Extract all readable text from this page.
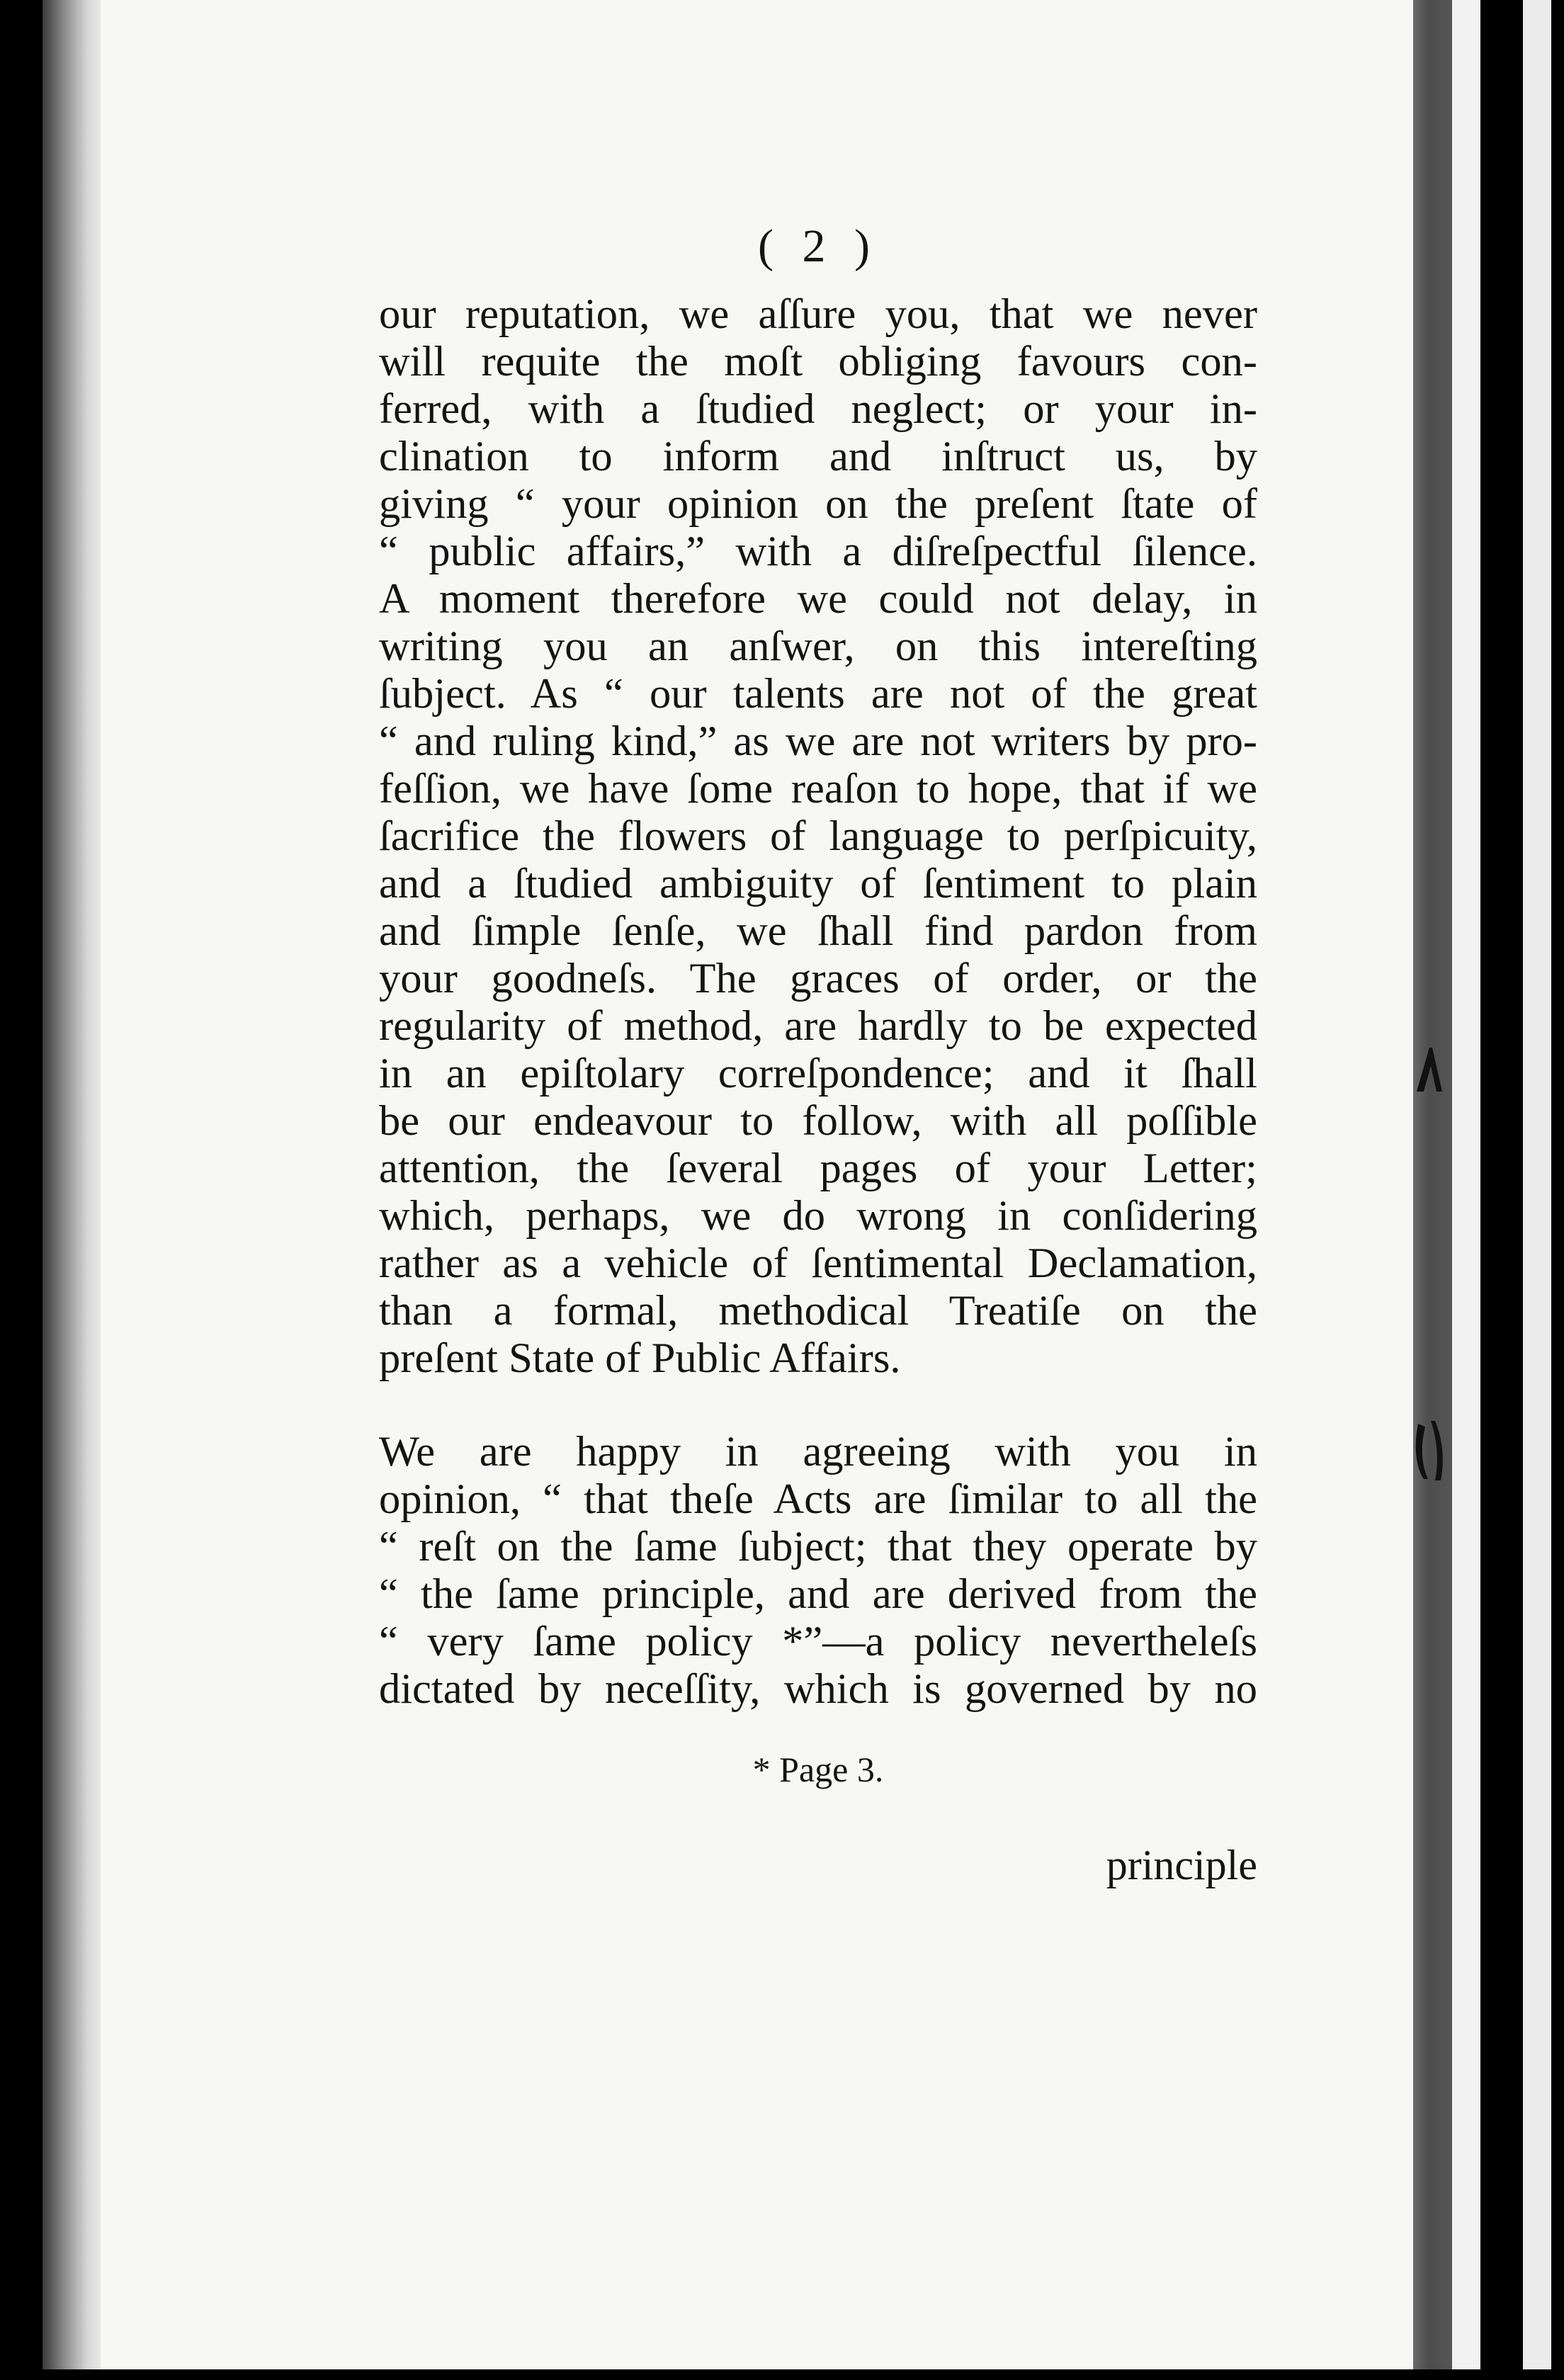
( 2 )

our reputation, we aſſure you, that we never
will requite the moſt obliging favours con-
ferred, with a ſtudied neglect; or your in-
clination to inform and inſtruct us, by
giving “ your opinion on the preſent ſtate of
“ public affairs,” with a diſreſpectful ſilence.
A moment therefore we could not delay, in
writing you an anſwer, on this intereſting
ſubject. As “ our talents are not of the great
“ and ruling kind,” as we are not writers by pro-
feſſion, we have ſome reaſon to hope, that if we
ſacrifice the flowers of language to perſpicuity,
and a ſtudied ambiguity of ſentiment to plain
and ſimple ſenſe, we ſhall find pardon from
your goodneſs. The graces of order, or the
regularity of method, are hardly to be expected
in an epiſtolary correſpondence; and it ſhall
be our endeavour to follow, with all poſſible
attention, the ſeveral pages of your Letter;
which, perhaps, we do wrong in conſidering
rather as a vehicle of ſentimental Declamation,
than a formal, methodical Treatiſe on the
preſent State of Public Affairs.
We are happy in agreeing with you in
opinion, “ that theſe Acts are ſimilar to all the
“ reſt on the ſame ſubject; that they operate by
“ the ſame principle, and are derived from the
“ very ſame policy *”—a policy nevertheleſs
dictated by neceſſity, which is governed by no
* Page 3.
principle
